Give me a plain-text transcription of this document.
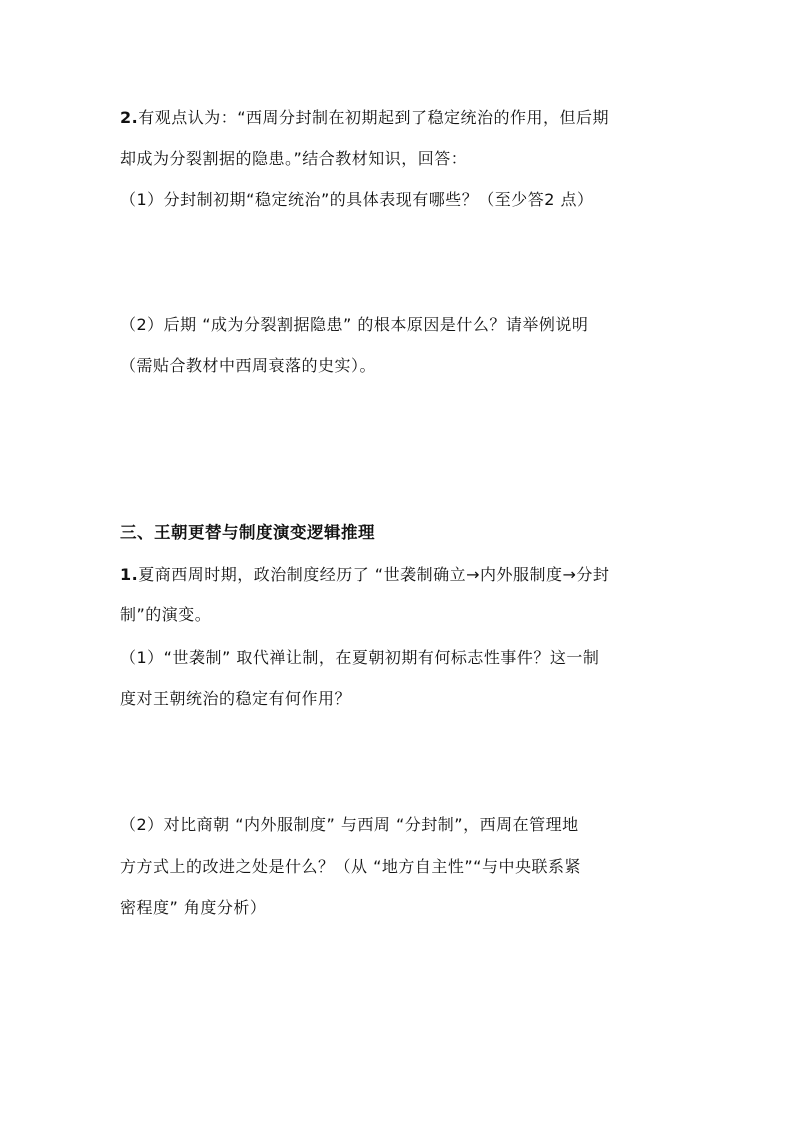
2.有观点认为：“西周分封制在初期起到了稳定统治的作用，但后期
却成为分裂割据的隐患。”结合教材知识，回答：
（1）分封制初期“稳定统治”的具体表现有哪些？（至少答2 点）
（2）后期 “成为分裂割据隐患” 的根本原因是什么？请举例说明
（需贴合教材中西周衰落的史实）。
三、王朝更替与制度演变逻辑推理
1.夏商西周时期，政治制度经历了 “世袭制确立→内外服制度→分封
制”的演变。
（1）“世袭制” 取代禅让制，在夏朝初期有何标志性事件？这一制
度对王朝统治的稳定有何作用？
（2）对比商朝 “内外服制度” 与西周 “分封制”，西周在管理地
方方式上的改进之处是什么？（从 “地方自主性”“与中央联系紧
密程度” 角度分析）
